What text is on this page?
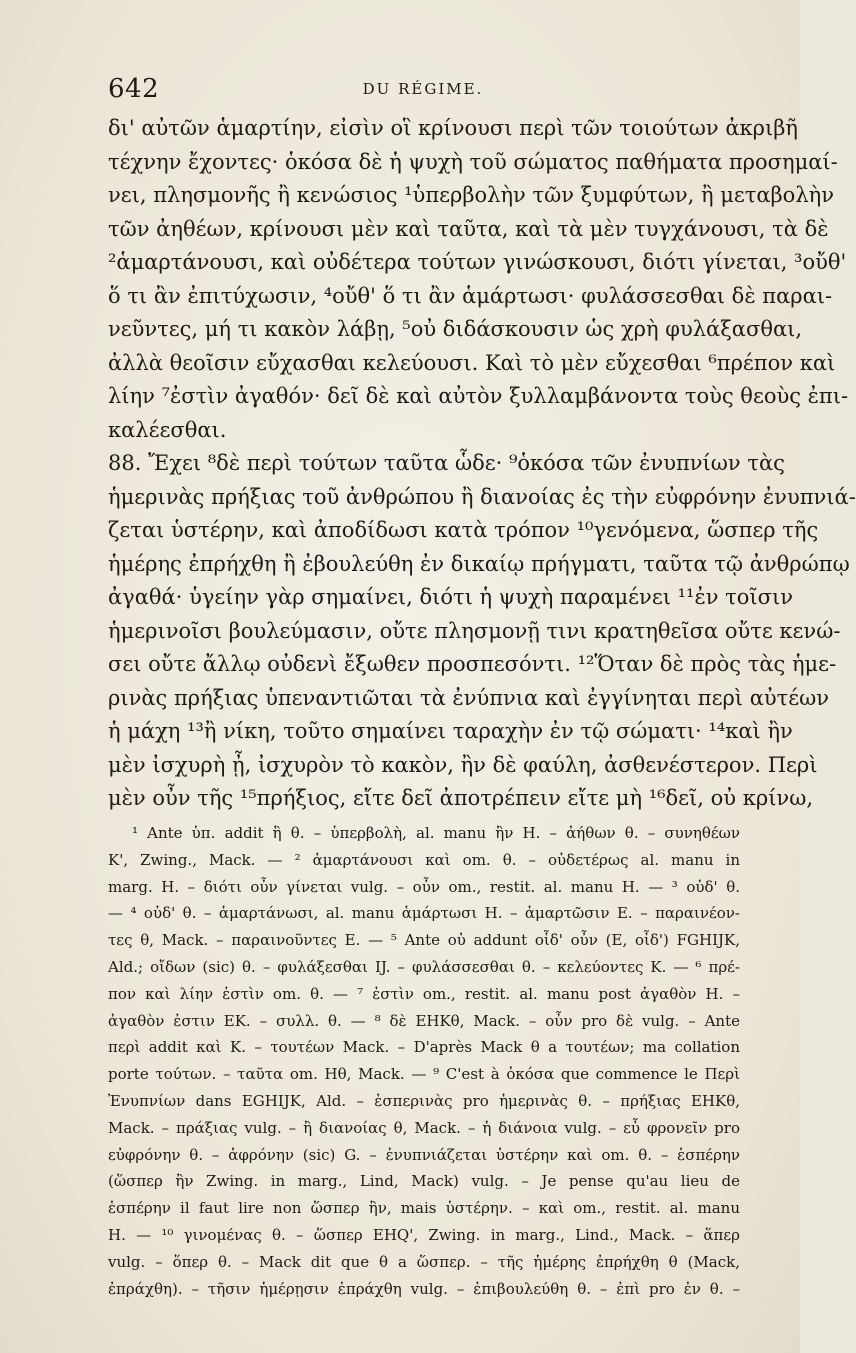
642	DU RÉGIME.
δι' αὐτῶν ἁμαρτίην, εἰσὶν οἳ κρίνουσι περὶ τῶν τοιούτων ἀκριβῆ
τέχνην ἔχοντες· ὁκόσα δὲ ἡ ψυχὴ τοῦ σώματος παθήματα προσημαί-
νει, πλησμονῆς ἢ κενώσιος ¹ὑπερβολὴν τῶν ξυμφύτων, ἢ μεταβολὴν
τῶν ἀηθέων, κρίνουσι μὲν καὶ ταῦτα, καὶ τὰ μὲν τυγχάνουσι, τὰ δὲ
²ἁμαρτάνουσι, καὶ οὐδέτερα τούτων γινώσκουσι, διότι γίνεται, ³οὔθ'
ὅ τι ἂν ἐπιτύχωσιν, ⁴οὔθ' ὅ τι ἂν ἁμάρτωσι· φυλάσσεσθαι δὲ παραι-
νεῦντες, μή τι κακὸν λάβῃ, ⁵οὐ διδάσκουσιν ὡς χρὴ φυλάξασθαι,
ἀλλὰ θεοῖσιν εὔχασθαι κελεύουσι. Καὶ τὸ μὲν εὔχεσθαι ⁶πρέπον καὶ
λίην ⁷ἐστὶν ἀγαθόν· δεῖ δὲ καὶ αὐτὸν ξυλλαμβάνοντα τοὺς θεοὺς ἐπι-
καλέεσθαι.
88. Ἔχει ⁸δὲ περὶ τούτων ταῦτα ὧδε· ⁹ὁκόσα τῶν ἐνυπνίων τὰς
ἡμερινὰς πρήξιας τοῦ ἀνθρώπου ἢ διανοίας ἐς τὴν εὐφρόνην ἐνυπνιά-
ζεται ὑστέρην, καὶ ἀποδίδωσι κατὰ τρόπον ¹⁰γενόμενα, ὥσπερ τῆς
ἡμέρης ἐπρήχθη ἢ ἐβουλεύθη ἐν δικαίῳ πρήγματι, ταῦτα τῷ ἀνθρώπῳ
ἀγαθά· ὑγείην γὰρ σημαίνει, διότι ἡ ψυχὴ παραμένει ¹¹ἐν τοῖσιν
ἡμερινοῖσι βουλεύμασιν, οὔτε πλησμονῇ τινι κρατηθεῖσα οὔτε κενώ-
σει οὔτε ἄλλῳ οὐδενὶ ἔξωθεν προσπεσόντι. ¹²Ὅταν δὲ πρὸς τὰς ἡμε-
ρινὰς πρήξιας ὑπεναντιῶται τὰ ἐνύπνια καὶ ἐγγίνηται περὶ αὐτέων
ἡ μάχη ¹³ἢ νίκη, τοῦτο σημαίνει ταραχὴν ἐν τῷ σώματι· ¹⁴καὶ ἢν
μὲν ἰσχυρὴ ᾖ, ἰσχυρὸν τὸ κακὸν, ἢν δὲ φαύλη, ἀσθενέστερον. Περὶ
μὲν οὖν τῆς ¹⁵πρήξιος, εἴτε δεῖ ἀποτρέπειν εἴτε μὴ ¹⁶δεῖ, οὐ κρίνω,
¹ Ante ὑπ. addit ἢ θ. – ὑπερβολὴ, al. manu ἢν H. – ἀήθων θ. – συνηθέων
K', Zwing., Mack. — ² ἁμαρτάνουσι καὶ om. θ. – οὐδετέρως al. manu in
marg. H. – διότι οὖν γίνεται vulg. – οὖν om., restit. al. manu H. — ³ οὐδ' θ.
— ⁴ οὐδ' θ. – ἁμαρτάνωσι, al. manu ἁμάρτωσι H. – ἁμαρτῶσιν E. – παραινέον-
τες θ, Mack. – παραινοῦντες E. — ⁵ Ante οὐ addunt οἶδ' οὖν (E, οἶδ') FGHIJK,
Ald.; οἴδων (sic) θ. – φυλάξεσθαι IJ. – φυλάσσεσθαι θ. – κελεύοντες K. — ⁶ πρέ-
πον καὶ λίην ἐστὶν om. θ. — ⁷ ἐστὶν om., restit. al. manu post ἀγαθὸν H. –
ἀγαθὸν ἐστιν EK. – συλλ. θ. — ⁸ δὲ EHKθ, Mack. – οὖν pro δὲ vulg. – Ante
περὶ addit καὶ K. – τουτέων Mack. – D'après Mack θ a τουτέων; ma collation
porte τούτων. – ταῦτα om. Hθ, Mack. — ⁹ C'est à ὁκόσα que commence le Περὶ
Ἐνυπνίων dans EGHIJK, Ald. – ἑσπερινὰς pro ἡμερινὰς θ. – πρήξιας EHKθ,
Mack. – πράξιας vulg. – ἢ διανοίας θ, Mack. – ἡ διάνοια vulg. – εὖ φρονεῖν pro
εὐφρόνην θ. – ἀφρόνην (sic) G. – ἐνυπνιάζεται ὑστέρην καὶ om. θ. – ἑσπέρην
(ὥσπερ ἢν Zwing. in marg., Lind, Mack) vulg. – Je pense qu'au lieu de
ἑσπέρην il faut lire non ὥσπερ ἢν, mais ὑστέρην. – καὶ om., restit. al. manu
H. — ¹⁰ γινομένας θ. – ὥσπερ EHQ', Zwing. in marg., Lind., Mack. – ἅπερ
vulg. – ὅπερ θ. – Mack dit que θ a ὥσπερ. – τῆς ἡμέρης ἐπρήχθη θ (Mack,
ἐπράχθη). – τῆσιν ἡμέρῃσιν ἐπράχθη vulg. – ἐπιβουλεύθη θ. – ἐπὶ pro ἐν θ. –
